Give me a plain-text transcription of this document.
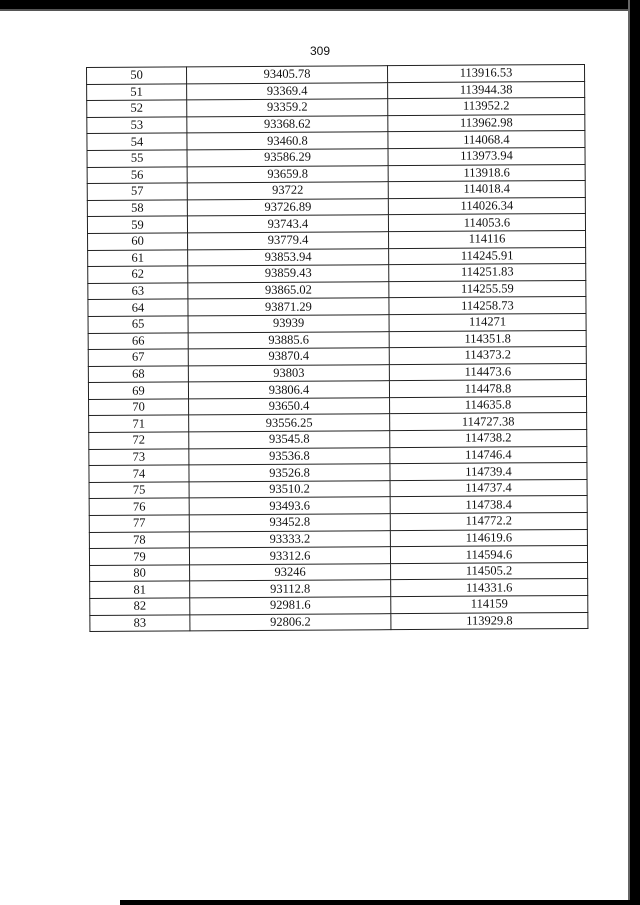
309
50	93405.78	113916.53
51	93369.4	113944.38
52	93359.2	113952.2
53	93368.62	113962.98
54	93460.8	114068.4
55	93586.29	113973.94
56	93659.8	113918.6
57	93722	114018.4
58	93726.89	114026.34
59	93743.4	114053.6
60	93779.4	114116
61	93853.94	114245.91
62	93859.43	114251.83
63	93865.02	114255.59
64	93871.29	114258.73
65	93939	114271
66	93885.6	114351.8
67	93870.4	114373.2
68	93803	114473.6
69	93806.4	114478.8
70	93650.4	114635.8
71	93556.25	114727.38
72	93545.8	114738.2
73	93536.8	114746.4
74	93526.8	114739.4
75	93510.2	114737.4
76	93493.6	114738.4
77	93452.8	114772.2
78	93333.2	114619.6
79	93312.6	114594.6
80	93246	114505.2
81	93112.8	114331.6
82	92981.6	114159
83	92806.2	113929.8
